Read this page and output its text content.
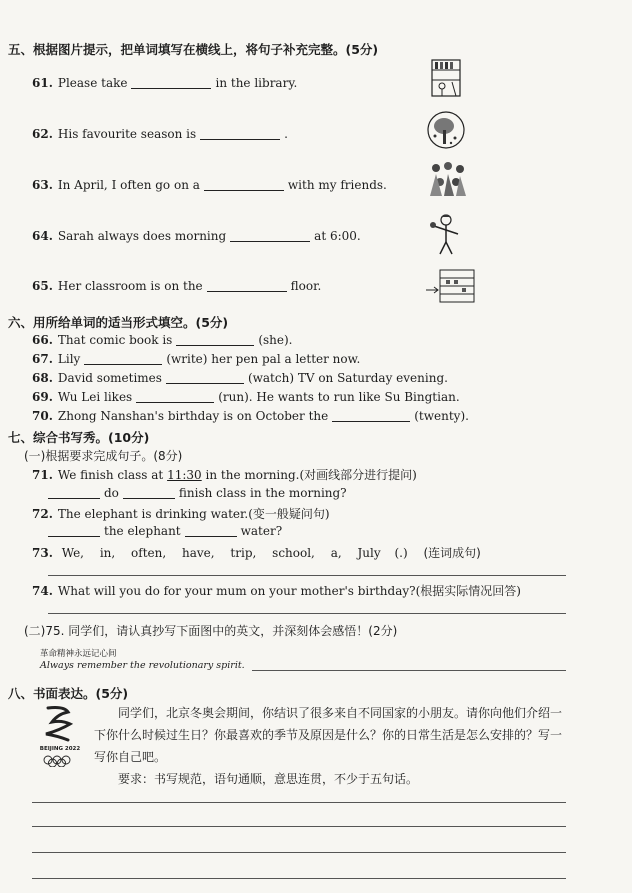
五、根据图片提示，把单词填写在横线上，将句子补充完整。(5分)
61. Please take	in the library.
62. His favourite season is	.
63. In April, I often go on a	with my friends.
64. Sarah always does morning	at 6:00.
65. Her classroom is on the	floor.
六、用所给单词的适当形式填空。(5分)
66. That comic book is	(she).
67. Lily	(write) her pen pal a letter now.
68. David sometimes	(watch) TV on Saturday evening.
69. Wu Lei likes	(run). He wants to run like Su Bingtian.
70. Zhong Nanshan's birthday is on October the	(twenty).
七、综合书写秀。(10分)
(一)根据要求完成句子。(8分)
71. We finish class at 11:30 in the morning.(对画线部分进行提问)
do	finish class in the morning?
72. The elephant is drinking water.(变一般疑问句)
the elephant	water?
73. We, in, often, have, trip, school, a, July (.) (连词成句)
74. What will you do for your mum on your mother's birthday?(根据实际情况回答)
(二)75. 同学们，请认真抄写下面图中的英文，并深刻体会感悟！(2分)
革命精神永远记心间
Always remember the revolutionary spirit.
八、书面表达。(5分)
BEIJING 2022
同学们，北京冬奥会期间，你结识了很多来自不同国家的小朋友。请你向他们介绍一下你什么时候过生日？你最喜欢的季节及原因是什么？你的日常生活是怎么安排的？写一写你自己吧。
要求：书写规范，语句通顺，意思连贯，不少于五句话。
